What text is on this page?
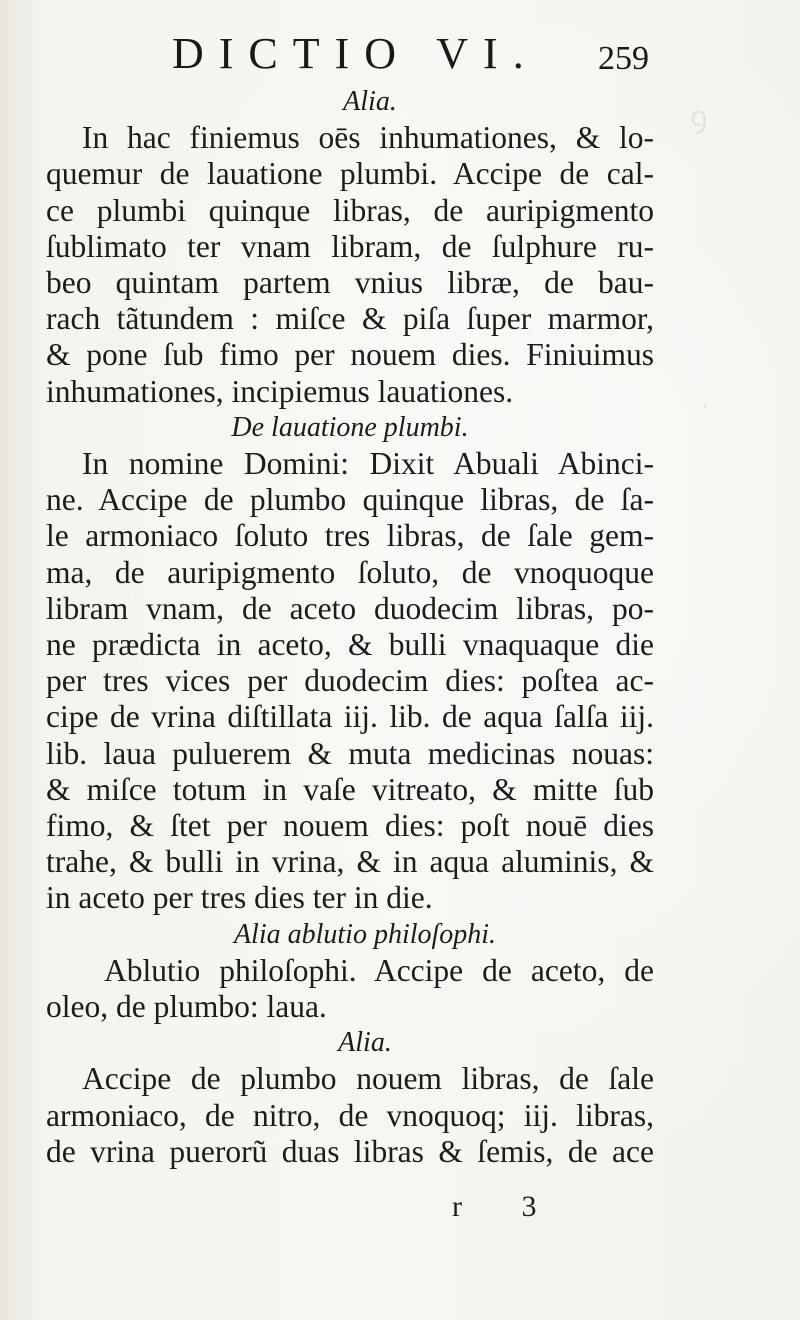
ꝯ
·
DICTIO VI. 259
Alia.
In hac finiemus oēs inhumationes, & lo-
quemur de lauatione plumbi. Accipe de cal-
ce plumbi quinque libras, de auripigmento
ſublimato ter vnam libram, de ſulphure ru-
beo quintam partem vnius libræ, de bau-
rach tãtundem : miſce & piſa ſuper marmor,
& pone ſub fimo per nouem dies. Finiuimus
inhumationes, incipiemus lauationes.
De lauatione plumbi.
In nomine Domini: Dixit Abuali Abinci-
ne. Accipe de plumbo quinque libras, de ſa-
le armoniaco ſoluto tres libras, de ſale gem-
ma, de auripigmento ſoluto, de vnoquoque
libram vnam, de aceto duodecim libras, po-
ne prædicta in aceto, & bulli vnaquaque die
per tres vices per duodecim dies: poſtea ac-
cipe de vrina diſtillata iij. lib. de aqua ſalſa iij.
lib. laua puluerem & muta medicinas nouas:
& miſce totum in vaſe vitreato, & mitte ſub
fimo, & ſtet per nouem dies: poſt nouē dies
trahe, & bulli in vrina, & in aqua aluminis, &
in aceto per tres dies ter in die.
Alia ablutio philoſophi.
Ablutio philoſophi. Accipe de aceto, de
oleo, de plumbo: laua.
Alia.
Accipe de plumbo nouem libras, de ſale
armoniaco, de nitro, de vnoquoq; iij. libras,
de vrina puerorũ duas libras & ſemis, de ace
r 3
